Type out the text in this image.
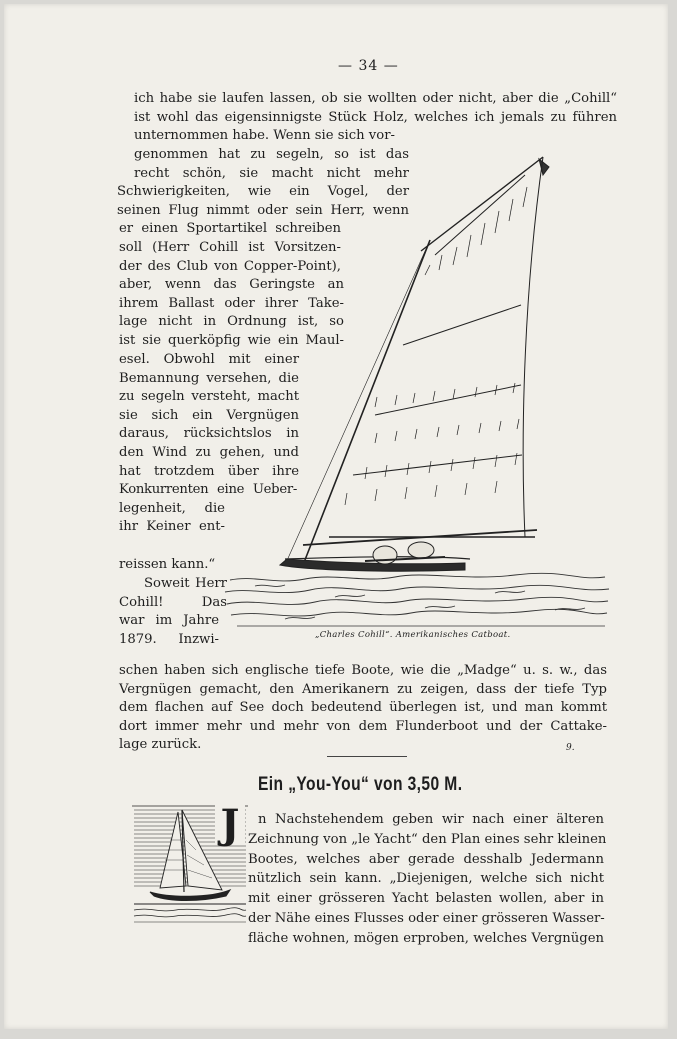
— 34 —
ich habe sie laufen lassen, ob sie wollten oder nicht, aber die „Cohill“
ist wohl das eigensinnigste Stück Holz, welches ich jemals zu führen
unternommen habe. Wenn sie sich vor-
genommen hat zu segeln, so ist das
recht schön, sie macht nicht mehr
Schwierigkeiten, wie ein Vogel, der
seinen Flug nimmt oder sein Herr, wenn
er einen Sportartikel schreiben
soll (Herr Cohill ist Vorsitzen-
der des Club von Copper-Point),
aber, wenn das Geringste an
ihrem Ballast oder ihrer Take-
lage nicht in Ordnung ist, so
ist sie querköpfig wie ein Maul-
esel. Obwohl mit einer
Bemannung versehen, die
zu segeln versteht, macht
sie sich ein Vergnügen
daraus, rücksichtslos in
den Wind zu gehen, und
hat trotzdem über ihre
Konkurrenten eine Ueber-
legenheit, die
ihr Keiner ent-
reissen kann.“
Soweit Herr
Cohill! Das
war im Jahre
1879. Inzwi-	„Charles Cohill“. Amerikanisches Catboat.
schen haben sich englische tiefe Boote, wie die „Madge“ u. s. w., das
Vergnügen gemacht, den Amerikanern zu zeigen, dass der tiefe Typ
dem flachen auf See doch bedeutend überlegen ist, und man kommt
dort immer mehr und mehr von dem Flunderboot und der Cattake-
lage zurück.	9.
Ein „You-You“ von 3,50 M.
J	n Nachstehendem geben wir nach einer älteren
Zeichnung von „le Yacht“ den Plan eines sehr kleinen
Bootes, welches aber gerade desshalb Jedermann
nützlich sein kann. „Diejenigen, welche sich nicht
mit einer grösseren Yacht belasten wollen, aber in
der Nähe eines Flusses oder einer grösseren Wasser-
fläche wohnen, mögen erproben, welches Vergnügen
